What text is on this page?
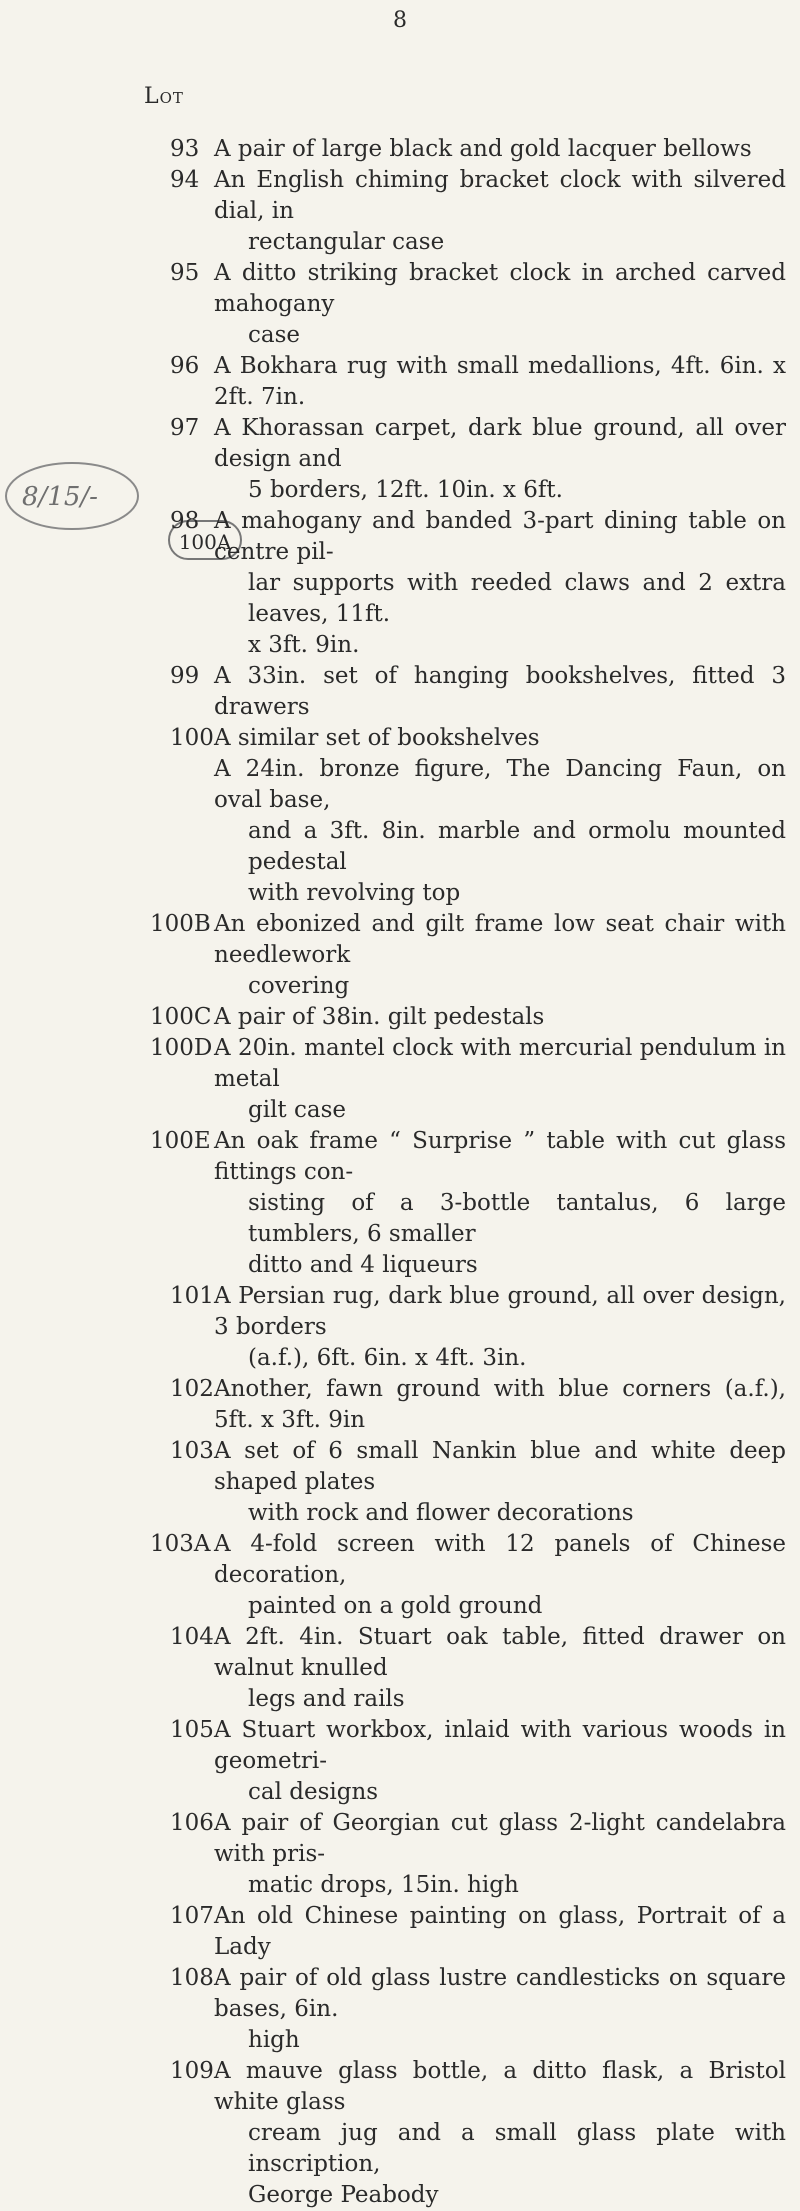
8
Lot
8/15/-
100A
93 A pair of large black and gold lacquer bellows
94 An English chiming bracket clock with silvered dial, in
rectangular case
95 A ditto striking bracket clock in arched carved mahogany
case
96 A Bokhara rug with small medallions, 4ft. 6in. x 2ft. 7in.
97 A Khorassan carpet, dark blue ground, all over design and
5 borders, 12ft. 10in. x 6ft.
98 A mahogany and banded 3-part dining table on centre pil-
lar supports with reeded claws and 2 extra leaves, 11ft.
x 3ft. 9in.
99 A 33in. set of hanging bookshelves, fitted 3 drawers
100 A similar set of bookshelves
A 24in. bronze figure, The Dancing Faun, on oval base,
and a 3ft. 8in. marble and ormolu mounted pedestal
with revolving top
100B An ebonized and gilt frame low seat chair with needlework
covering
100C A pair of 38in. gilt pedestals
100D A 20in. mantel clock with mercurial pendulum in metal
gilt case
100E An oak frame “ Surprise ” table with cut glass fittings con-
sisting of a 3-bottle tantalus, 6 large tumblers, 6 smaller
ditto and 4 liqueurs
101 A Persian rug, dark blue ground, all over design, 3 borders
(a.f.), 6ft. 6in. x 4ft. 3in.
102 Another, fawn ground with blue corners (a.f.), 5ft. x 3ft. 9in
103 A set of 6 small Nankin blue and white deep shaped plates
with rock and flower decorations
103A A 4-fold screen with 12 panels of Chinese decoration,
painted on a gold ground
104 A 2ft. 4in. Stuart oak table, fitted drawer on walnut knulled
legs and rails
105 A Stuart workbox, inlaid with various woods in geometri-
cal designs
106 A pair of Georgian cut glass 2-light candelabra with pris-
matic drops, 15in. high
107 An old Chinese painting on glass, Portrait of a Lady
108 A pair of old glass lustre candlesticks on square bases, 6in.
high
109 A mauve glass bottle, a ditto flask, a Bristol white glass
cream jug and a small glass plate with inscription,
George Peabody
